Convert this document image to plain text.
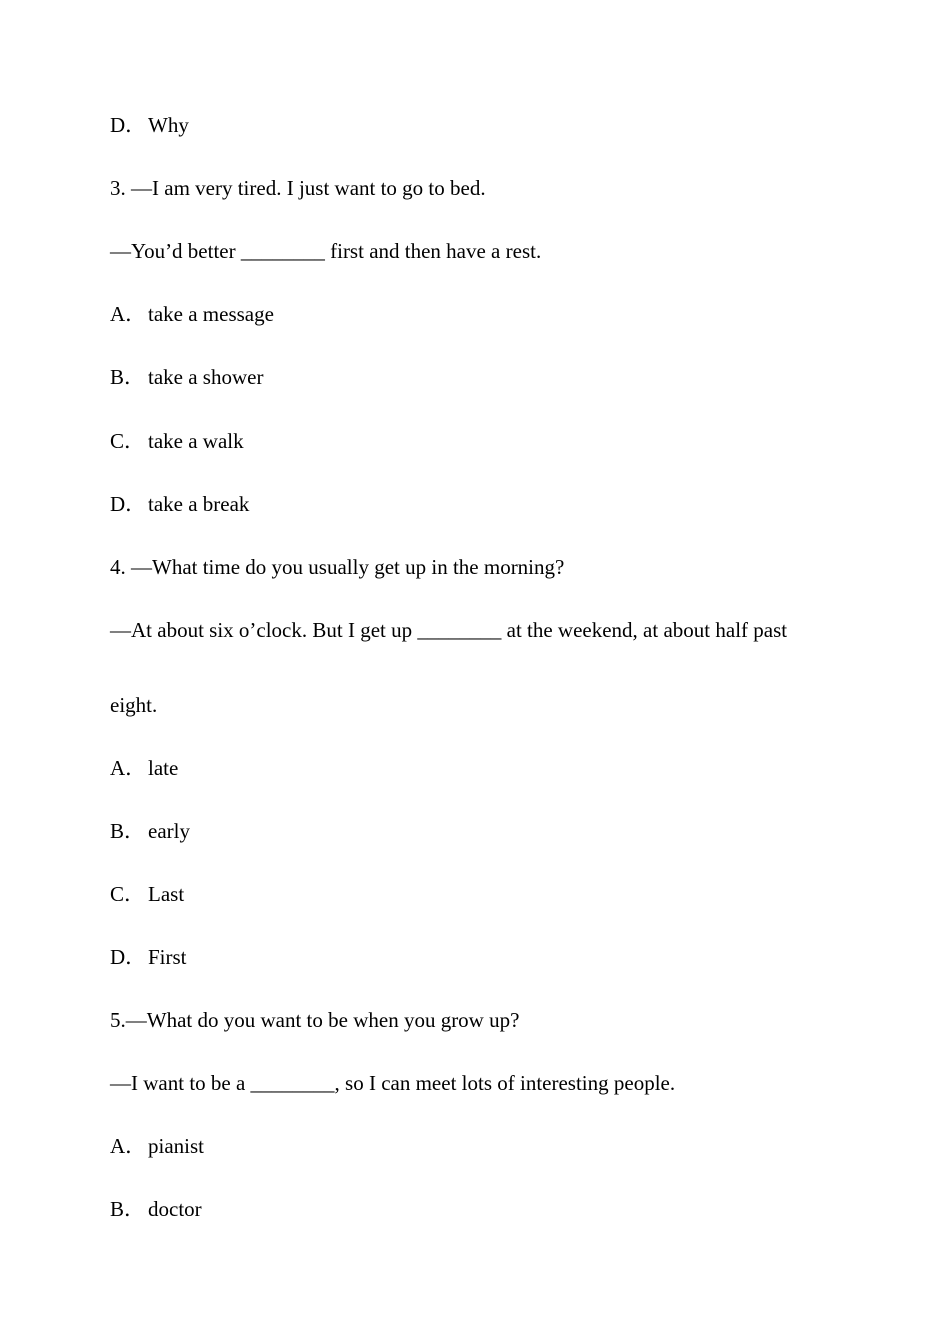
D．Why
3. —I am very tired. I just want to go to bed.
—You’d better ________ first and then have a rest.
A．take a message
B． take a shower
C． take a walk
D．take a break
4. —What time do you usually get up in the morning?
—At about six o’clock. But I get up ________ at the weekend, at about half past
eight.
A．late
B． early
C． Last
D．First
5.—What do you want to be when you grow up?
—I want to be a ________, so I can meet lots of interesting people.
A．pianist
B． doctor
